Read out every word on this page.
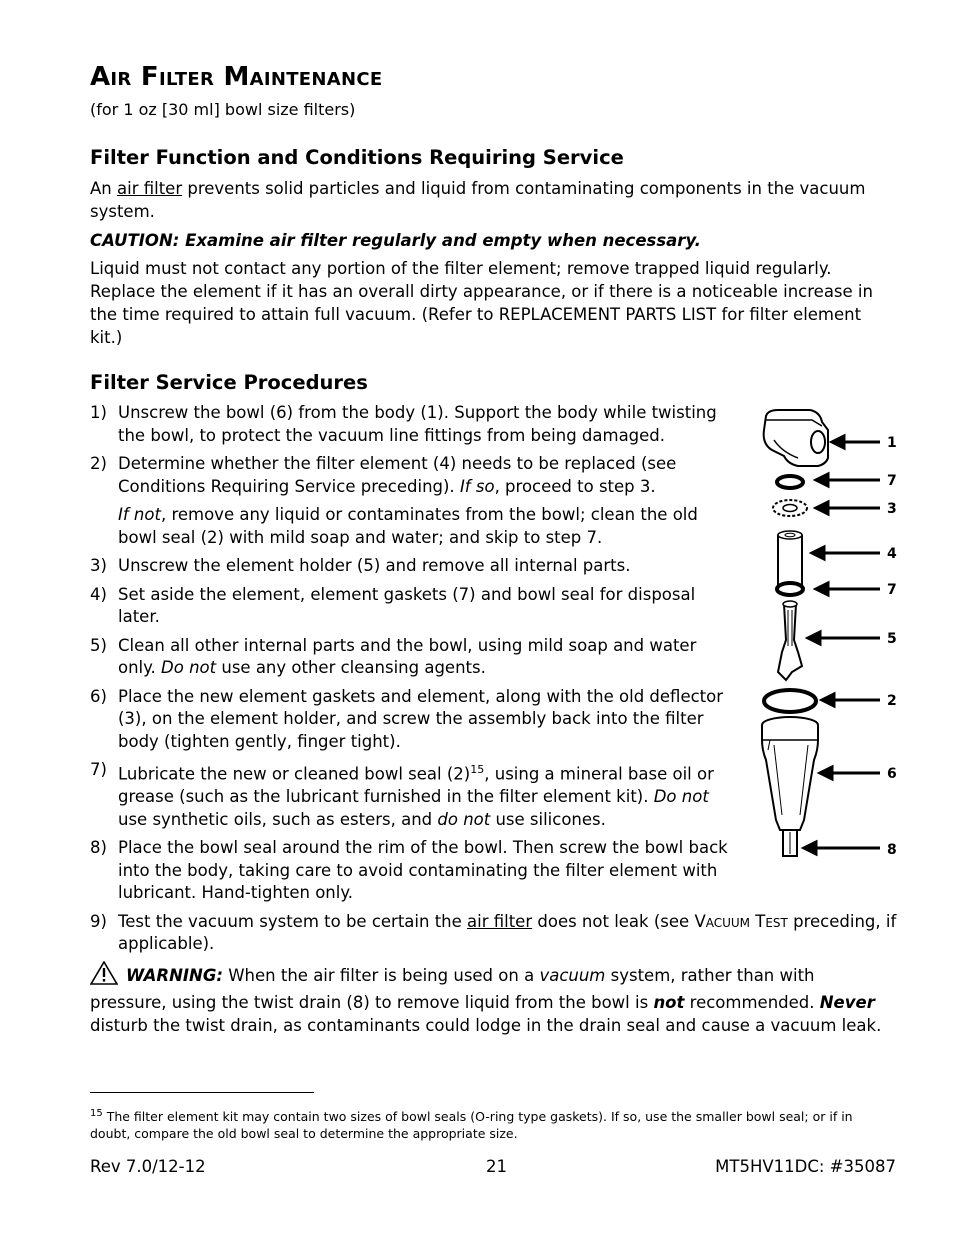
Air Filter Maintenance
(for 1 oz [30 ml] bowl size filters)
Filter Function and Conditions Requiring Service

An air filter prevents solid particles and liquid from contaminating components in the vacuum system.

CAUTION: Examine air filter regularly and empty when necessary.

Liquid must not contact any portion of the filter element; remove trapped liquid regularly. Replace the element if it has an overall dirty appearance, or if there is a noticeable increase in the time required to attain full vacuum. (Refer to REPLACEMENT PARTS LIST for filter element kit.)

Filter Service Procedures
1) Unscrew the bowl (6) from the body (1). Support the body while twisting the bowl, to protect the vacuum line fittings from being damaged.
2) Determine whether the filter element (4) needs to be replaced (see Conditions Requiring Service preceding). If so, proceed to step 3.
If not, remove any liquid or contaminates from the bowl; clean the old bowl seal (2) with mild soap and water; and skip to step 7.
3) Unscrew the element holder (5) and remove all internal parts.
4) Set aside the element, element gaskets (7) and bowl seal for disposal later.
5) Clean all other internal parts and the bowl, using mild soap and water only. Do not use any other cleansing agents.
6) Place the new element gaskets and element, along with the old deflector (3), on the element holder, and screw the assembly back into the filter body (tighten gently, finger tight).
7) Lubricate the new or cleaned bowl seal $(2)^{15}$, using a mineral base oil or grease (such as the lubricant furnished in the filter element kit). Do not use synthetic oils, such as esters, and do not use silicones.
8) Place the bowl seal around the rim of the bowl. Then screw the bowl back into the body, taking care to avoid contaminating the filter element with lubricant. Hand-tighten only.
9) Test the vacuum system to be certain the air filter does not leak (see Vacuum Test preceding, if applicable).

WARNING: When the air filter is being used on a vacuum system, rather than with pressure, using the twist drain (8) to remove liquid from the bowl is not recommended. Never disturb the twist drain, as contaminants could lodge in the drain seal and cause a vacuum leak.

1
7
3
4
7
5
2
6
8

$^{15}$ The filter element kit may contain two sizes of bowl seals (O-ring type gaskets). If so, use the smaller bowl seal; or if in doubt, compare the old bowl seal to determine the appropriate size.

Rev 7.0/12-12	21	MT5HV11DC: #35087
